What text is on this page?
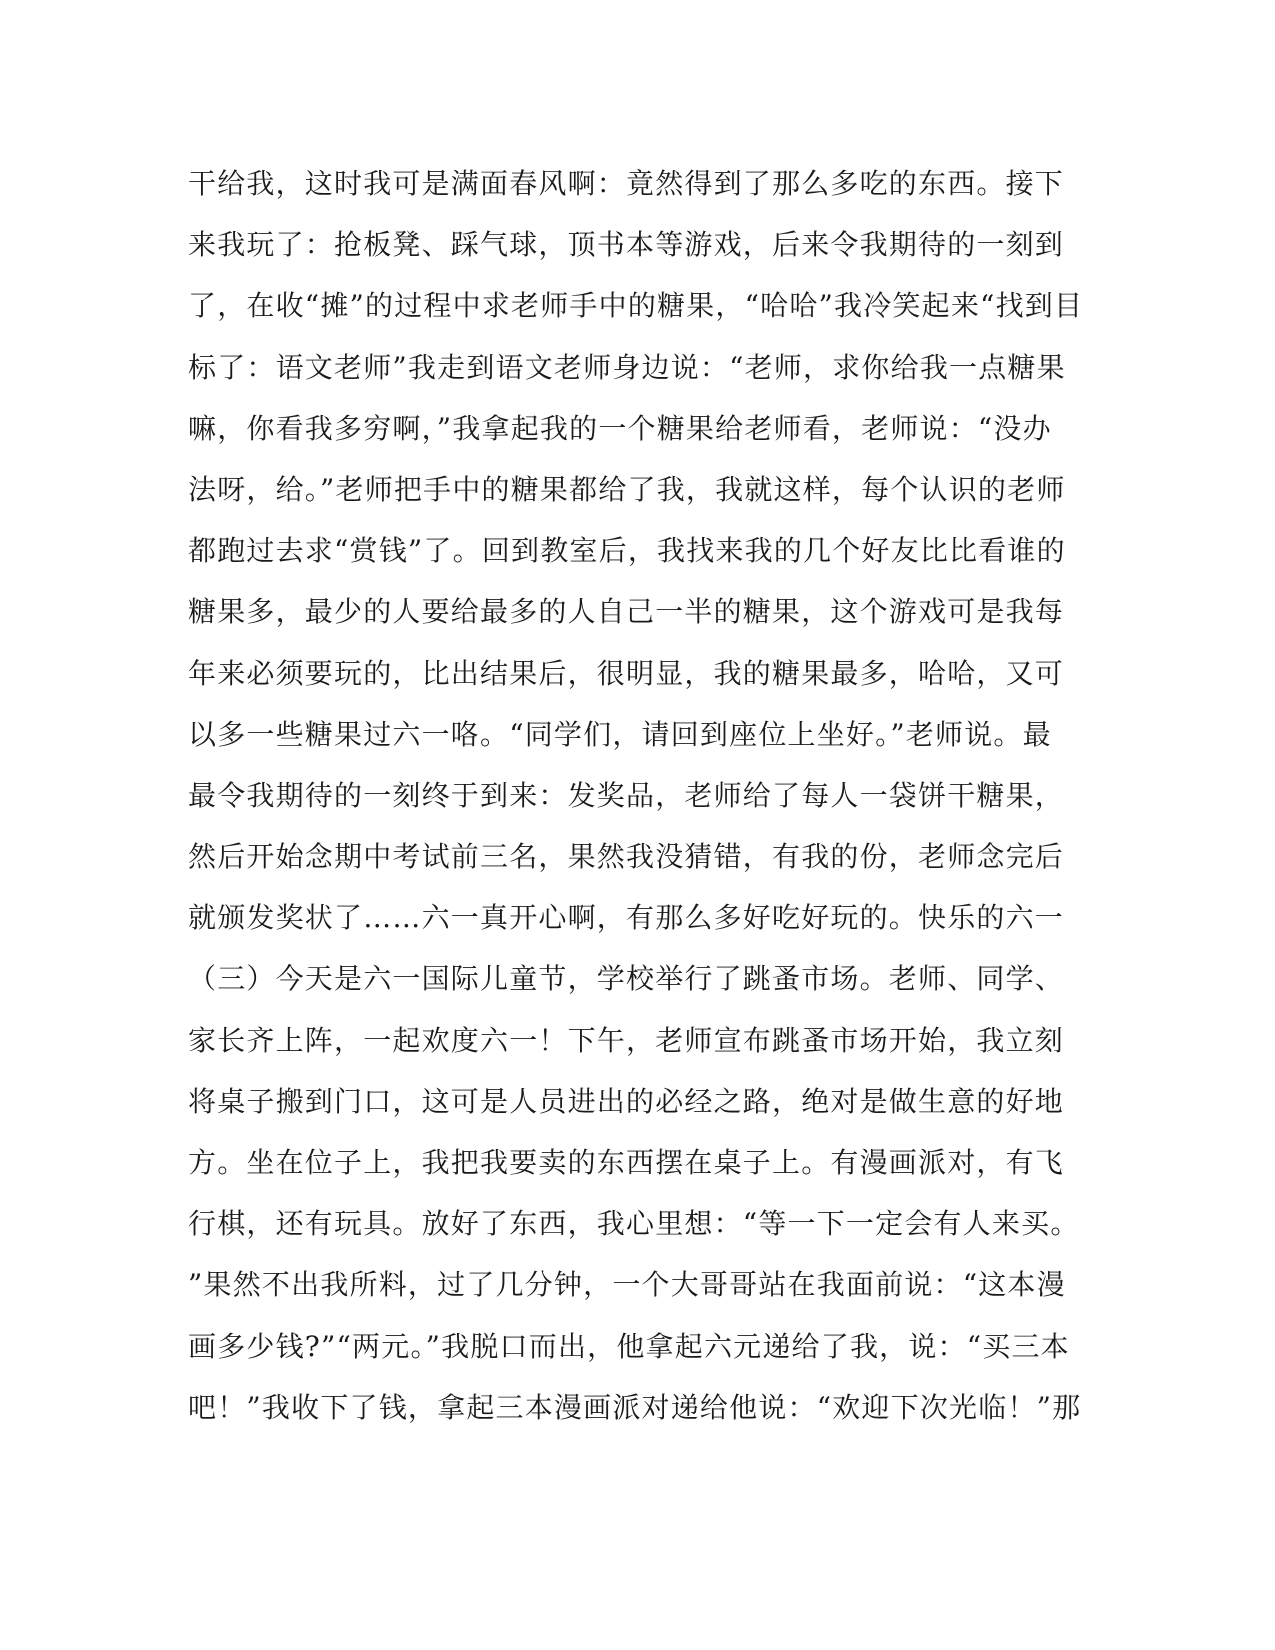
干给我，这时我可是满面春风啊：竟然得到了那么多吃的东西。接下
来我玩了：抢板凳、踩气球，顶书本等游戏，后来令我期待的一刻到
了，在收“摊”的过程中求老师手中的糖果，“哈哈”我冷笑起来“找到目
标了：语文老师”我走到语文老师身边说：“老师，求你给我一点糖果
嘛，你看我多穷啊，”我拿起我的一个糖果给老师看，老师说：“没办
法呀，给。”老师把手中的糖果都给了我，我就这样，每个认识的老师
都跑过去求“赏钱”了。回到教室后，我找来我的几个好友比比看谁的
糖果多，最少的人要给最多的人自己一半的糖果，这个游戏可是我每
年来必须要玩的，比出结果后，很明显，我的糖果最多，哈哈，又可
以多一些糖果过六一咯。“同学们，请回到座位上坐好。”老师说。最
最令我期待的一刻终于到来：发奖品，老师给了每人一袋饼干糖果，
然后开始念期中考试前三名，果然我没猜错，有我的份，老师念完后
就颁发奖状了……六一真开心啊，有那么多好吃好玩的。快乐的六一
（三）今天是六一国际儿童节，学校举行了跳蚤市场。老师、同学、
家长齐上阵，一起欢度六一！下午，老师宣布跳蚤市场开始，我立刻
将桌子搬到门口，这可是人员进出的必经之路，绝对是做生意的好地
方。坐在位子上，我把我要卖的东西摆在桌子上。有漫画派对，有飞
行棋，还有玩具。放好了东西，我心里想：“等一下一定会有人来买。
”果然不出我所料，过了几分钟，一个大哥哥站在我面前说：“这本漫
画多少钱?”“两元。”我脱口而出，他拿起六元递给了我，说：“买三本
吧！”我收下了钱，拿起三本漫画派对递给他说：“欢迎下次光临！”那
